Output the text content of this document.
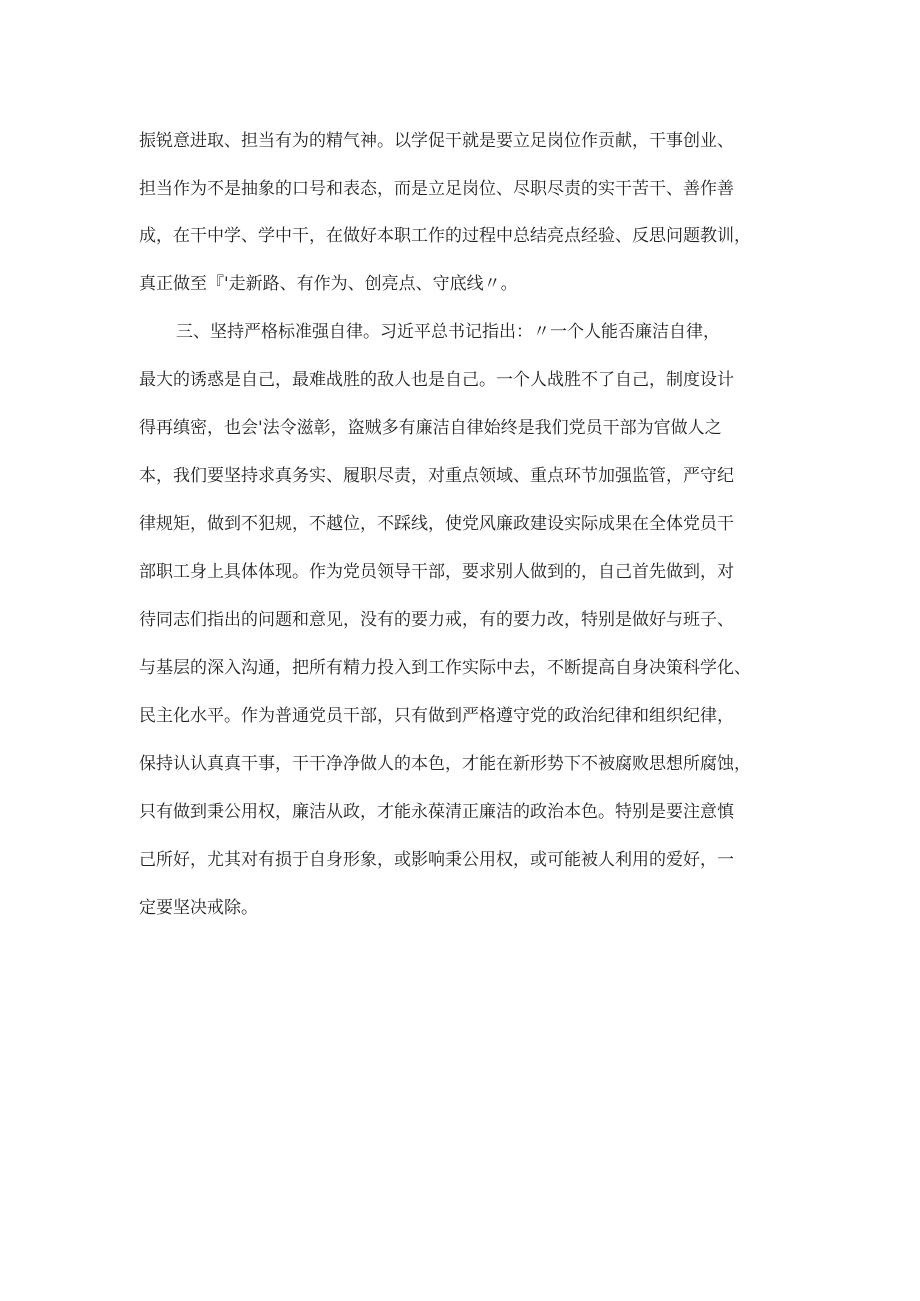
振锐意进取、担当有为的精气神。以学促干就是要立足岗位作贡献，干事创业、
担当作为不是抽象的口号和表态，而是立足岗位、尽职尽责的实干苦干、善作善
成，在干中学、学中干，在做好本职工作的过程中总结亮点经验、反思问题教训，
真正做至『'走新路、有作为、创亮点、守底线〃。
三、坚持严格标准强自律。习近平总书记指出：〃一个人能否廉洁自律，
最大的诱惑是自己，最难战胜的敌人也是自己。一个人战胜不了自己，制度设计
得再缜密，也会'法令滋彰，盗贼多有廉洁自律始终是我们党员干部为官做人之
本，我们要坚持求真务实、履职尽责，对重点领域、重点环节加强监管，严守纪
律规矩，做到不犯规，不越位，不踩线，使党风廉政建设实际成果在全体党员干
部职工身上具体体现。作为党员领导干部，要求别人做到的，自己首先做到，对
待同志们指出的问题和意见，没有的要力戒，有的要力改，特别是做好与班子、
与基层的深入沟通，把所有精力投入到工作实际中去，不断提高自身决策科学化、
民主化水平。作为普通党员干部，只有做到严格遵守党的政治纪律和组织纪律，
保持认认真真干事，干干净净做人的本色，才能在新形势下不被腐败思想所腐蚀，
只有做到秉公用权，廉洁从政，才能永葆清正廉洁的政治本色。特别是要注意慎
己所好，尤其对有损于自身形象，或影响秉公用权，或可能被人利用的爱好，一
定要坚决戒除。
